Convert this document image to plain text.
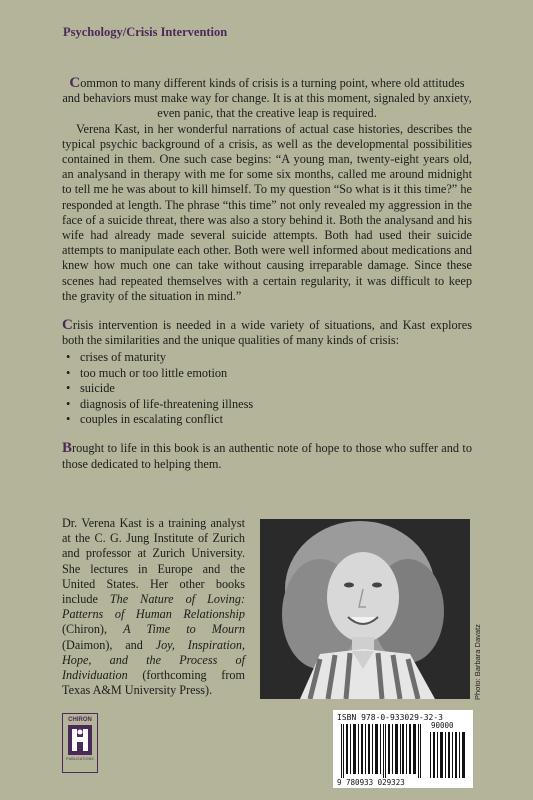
Psychology/Crisis Intervention

Common to many different kinds of crisis is a turning point, where old attitudes and behaviors must make way for change. It is at this moment, signaled by anxiety, even panic, that the creative leap is required.

Verena Kast, in her wonderful narrations of actual case histories, describes the typical psychic background of a crisis, as well as the developmental possibilities contained in them. One such case begins: “A young man, twenty-eight years old, an analysand in therapy with me for some six months, called me around midnight to tell me he was about to kill himself. To my question “So what is it this time?” he responded at length. The phrase “this time” not only revealed my aggression in the face of a suicide threat, there was also a story behind it. Both the analysand and his wife had already made several suicide attempts. Both had used their suicide attempts to manipulate each other. Both were well informed about medications and knew how much one can take without causing irreparable damage. Since these scenes had repeated themselves with a certain regularity, it was difficult to keep the gravity of the situation in mind.”

Crisis intervention is needed in a wide variety of situations, and Kast explores both the similarities and the unique qualities of many kinds of crisis:

• crises of maturity
• too much or too little emotion
• suicide
• diagnosis of life-threatening illness
• couples in escalating conflict

Brought to life in this book is an authentic note of hope to those who suffer and to those dedicated to helping them.

Dr. Verena Kast is a training analyst at the C. G. Jung Institute of Zurich and professor at Zurich University. She lectures in Europe and the United States. Her other books include The Nature of Loving: Patterns of Human Relationship (Chiron), A Time to Mourn (Daimon), and Joy, Inspiration, Hope, and the Process of Individuation (forthcoming from Texas A&M University Press).	Photo: Barbara Davatz
CHIRON
PUBLICATIONS
ISBN 978-0-933029-32-3
90000
9 780933 029323
